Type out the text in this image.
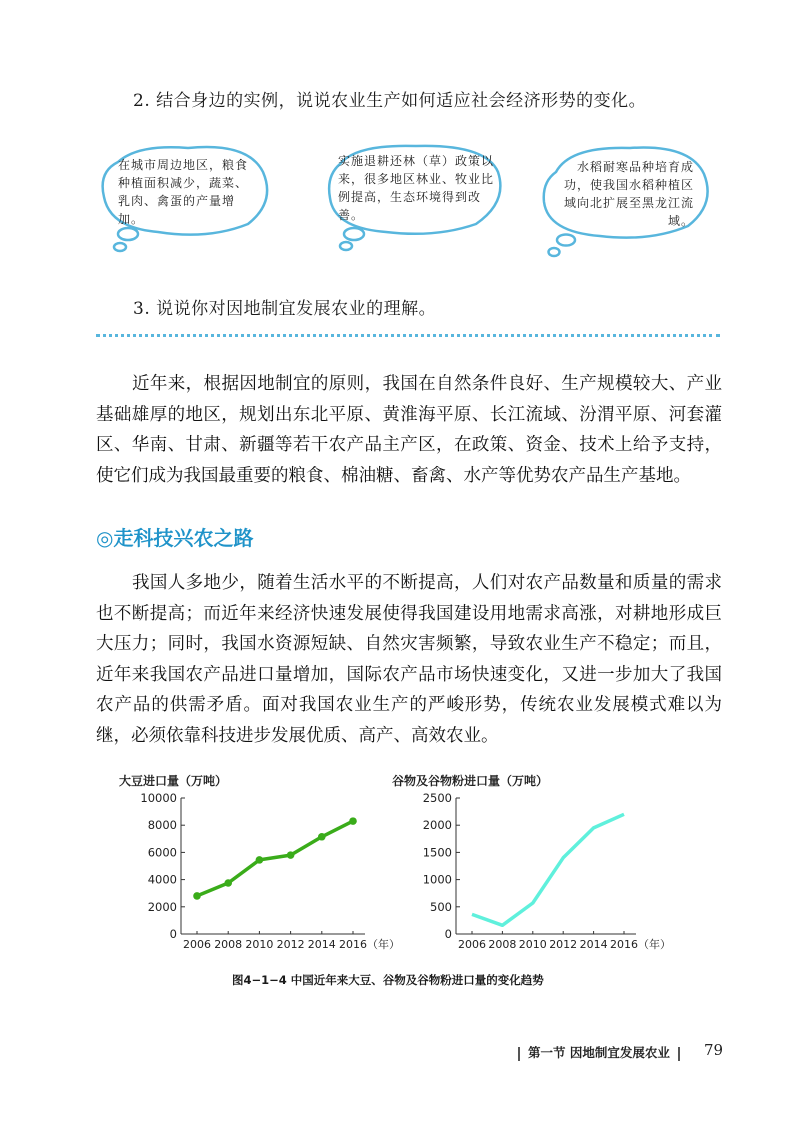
2. 结合身边的实例，说说农业生产如何适应社会经济形势的变化。
在城市周边地区，粮食种植面积减少，蔬菜、乳肉、禽蛋的产量增加。
实施退耕还林（草）政策以来，很多地区林业、牧业比例提高，生态环境得到改善。
水稻耐寒品种培育成功，使我国水稻种植区域向北扩展至黑龙江流域。
3. 说说你对因地制宜发展农业的理解。
近年来，根据因地制宜的原则，我国在自然条件良好、生产规模较大、产业基础雄厚的地区，规划出东北平原、黄淮海平原、长江流域、汾渭平原、河套灌区、华南、甘肃、新疆等若干农产品主产区，在政策、资金、技术上给予支持，使它们成为我国最重要的粮食、棉油糖、畜禽、水产等优势农产品生产基地。
◎走科技兴农之路
我国人多地少，随着生活水平的不断提高，人们对农产品数量和质量的需求也不断提高；而近年来经济快速发展使得我国建设用地需求高涨，对耕地形成巨大压力；同时，我国水资源短缺、自然灾害频繁，导致农业生产不稳定；而且，近年来我国农产品进口量增加，国际农产品市场快速变化，又进一步加大了我国农产品的供需矛盾。面对我国农业生产的严峻形势，传统农业发展模式难以为继，必须依靠科技进步发展优质、高产、高效农业。
大豆进口量（万吨）	谷物及谷物粉进口量（万吨）
0
2000
4000
6000
8000
10000
2006 2008 2010 2012 2014 2016 （年）
0
500
1000
1500
2000
2500
2006 2008 2010 2012 2014 2016 （年）
图4−1−4 中国近年来大豆、谷物及谷物粉进口量的变化趋势
第一节 因地制宜发展农业	79
